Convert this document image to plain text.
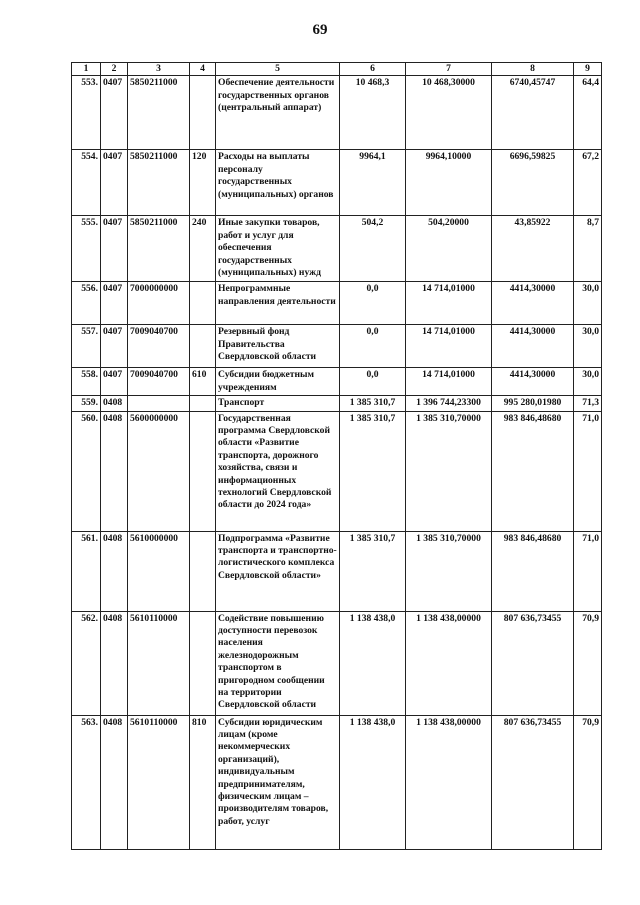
69
1	2	3	4	5	6	7	8	9
553.	0407	5850211000		Обеспечение деятельности государственных органов (центральный аппарат)	10 468,3	10 468,30000	6740,45747	64,4
554.	0407	5850211000	120	Расходы на выплаты персоналу государственных (муниципальных) органов	9964,1	9964,10000	6696,59825	67,2
555.	0407	5850211000	240	Иные закупки товаров, работ и услуг для обеспечения государственных (муниципальных) нужд	504,2	504,20000	43,85922	8,7
556.	0407	7000000000		Непрограммные направления деятельности	0,0	14 714,01000	4414,30000	30,0
557.	0407	7009040700		Резервный фонд Правительства Свердловской области	0,0	14 714,01000	4414,30000	30,0
558.	0407	7009040700	610	Субсидии бюджетным учреждениям	0,0	14 714,01000	4414,30000	30,0
559.	0408			Транспорт	1 385 310,7	1 396 744,23300	995 280,01980	71,3
560.	0408	5600000000		Государственная программа Свердловской области «Развитие транспорта, дорожного хозяйства, связи и информационных технологий Свердловской области до 2024 года»	1 385 310,7	1 385 310,70000	983 846,48680	71,0
561.	0408	5610000000		Подпрограмма «Развитие транспорта и транспортно-логистического комплекса Свердловской области»	1 385 310,7	1 385 310,70000	983 846,48680	71,0
562.	0408	5610110000		Содействие повышению доступности перевозок населения железнодорожным транспортом в пригородном сообщении на территории Свердловской области	1 138 438,0	1 138 438,00000	807 636,73455	70,9
563.	0408	5610110000	810	Субсидии юридическим лицам (кроме некоммерческих организаций), индивидуальным предпринимателям, физическим лицам – производителям товаров, работ, услуг	1 138 438,0	1 138 438,00000	807 636,73455	70,9
